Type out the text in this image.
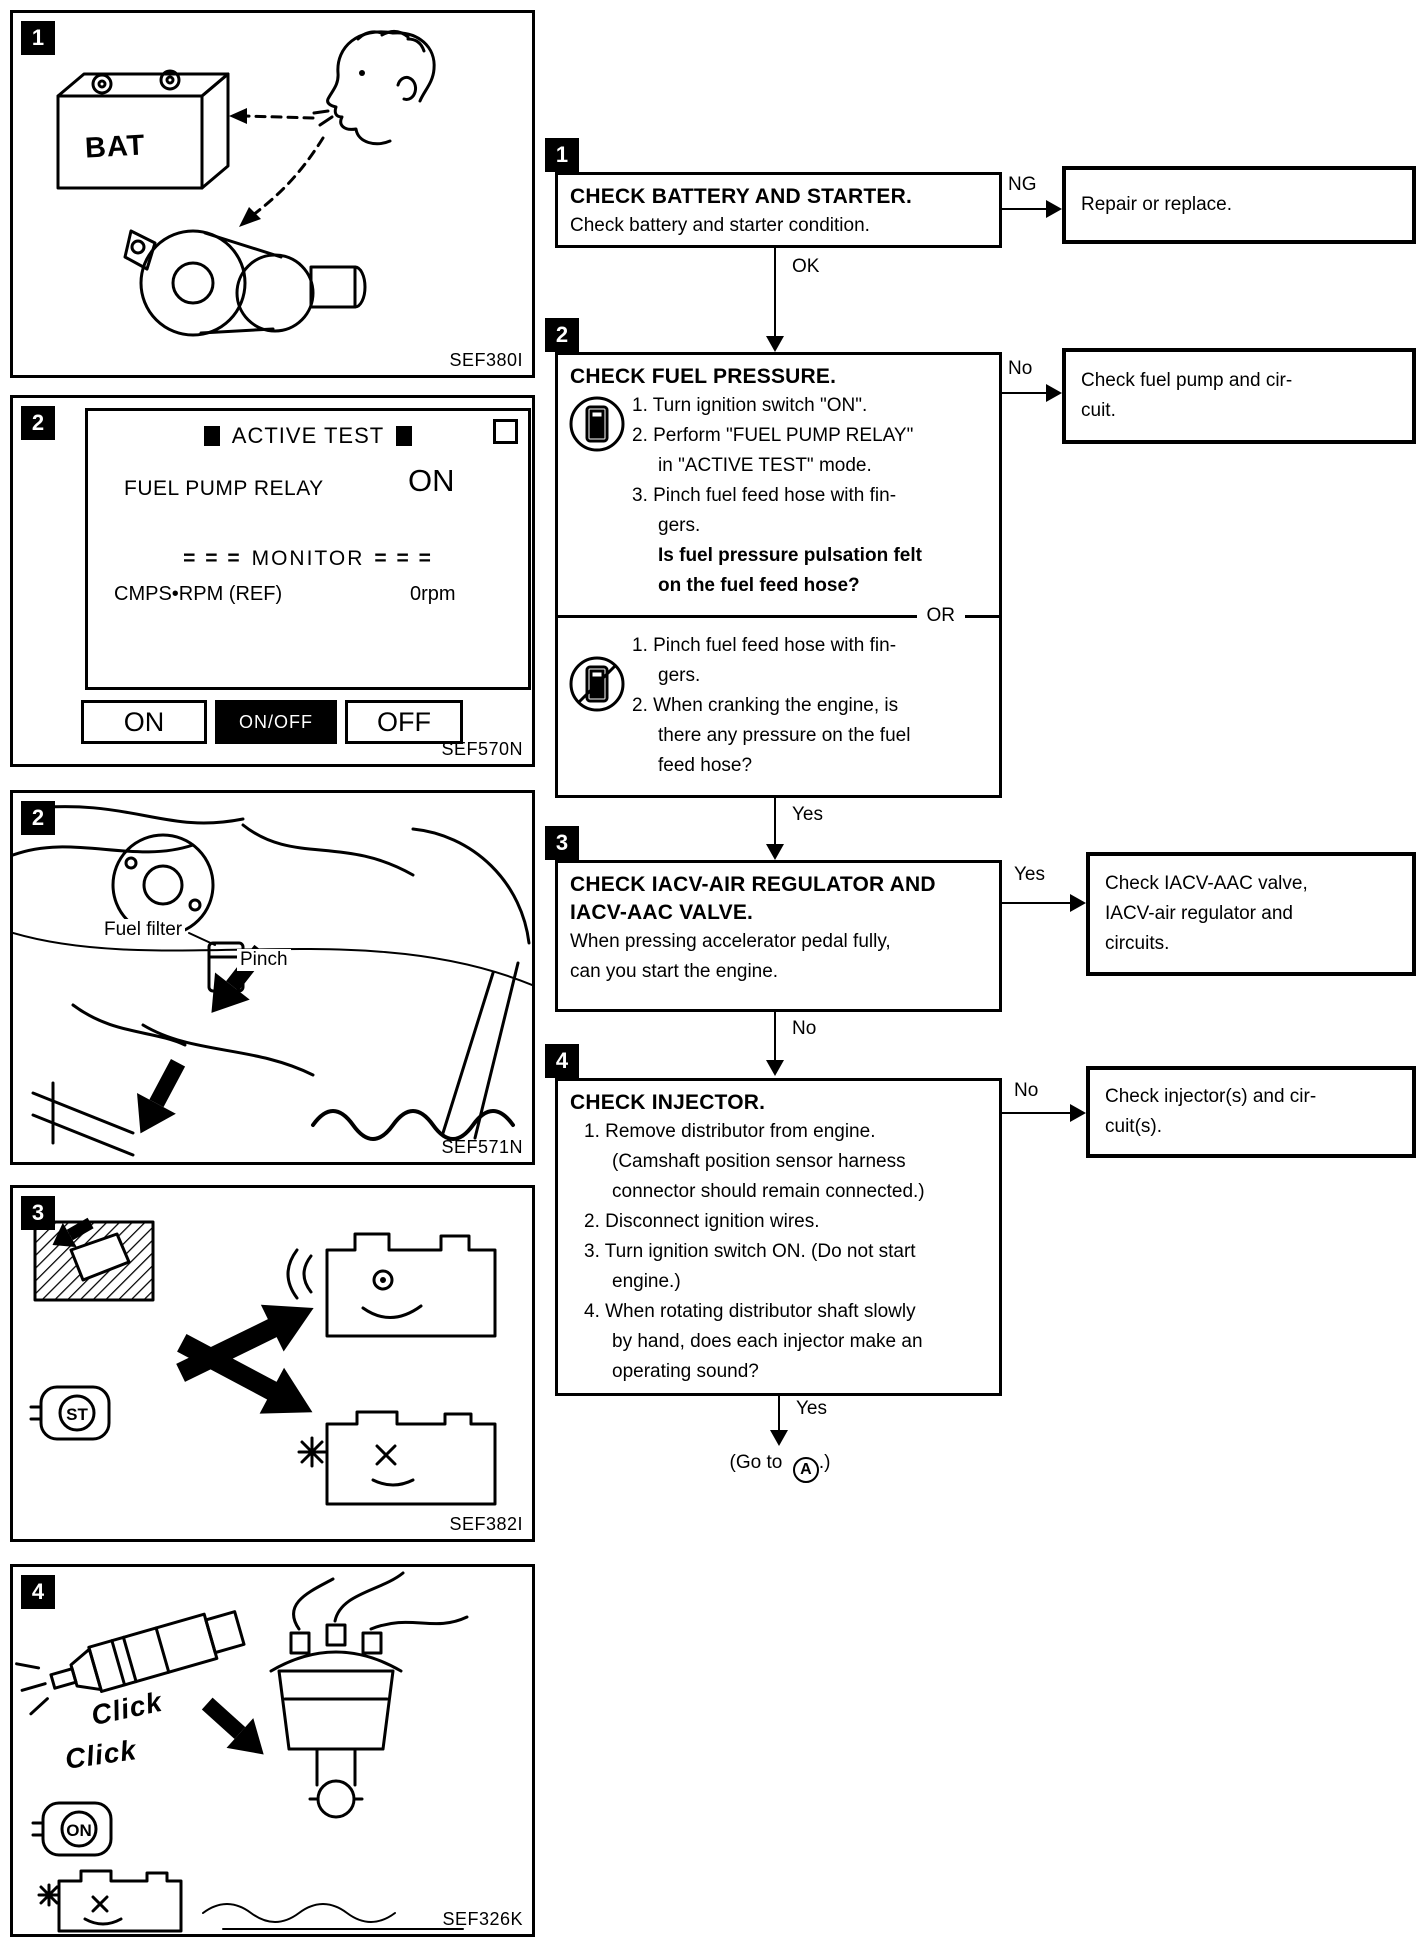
1
BAT
SEF380I
2
ACTIVE TEST
FUEL PUMP RELAY	ON
= = = MONITOR = = =
CMPS•RPM (REF)	0rpm
ON	ON/OFF	OFF
SEF570N
2
Fuel filter
Pinch
SEF571N
3
ST
SEF382I
4
Click
Click
ON
SEF326K
1
CHECK BATTERY AND STARTER.
Check battery and starter condition.
NG
Repair or replace.
OK
2
CHECK FUEL PRESSURE.
1. Turn ignition switch "ON".
2. Perform "FUEL PUMP RELAY"
in "ACTIVE TEST" mode.
3. Pinch fuel feed hose with fin-
gers.
Is fuel pressure pulsation felt
on the fuel feed hose?
OR
1. Pinch fuel feed hose with fin-
gers.
2. When cranking the engine, is
there any pressure on the fuel
feed hose?
No
Check fuel pump and cir-
cuit.
Yes
3
CHECK IACV-AIR REGULATOR AND
IACV-AAC VALVE.
When pressing accelerator pedal fully,
can you start the engine.
Yes	Check IACV-AAC valve,
IACV-air regulator and
circuits.
No
4
CHECK INJECTOR.
1. Remove distributor from engine.
(Camshaft position sensor harness
connector should remain connected.)
2. Disconnect ignition wires.
3. Turn ignition switch ON. (Do not start
engine.)
4. When rotating distributor shaft slowly
by hand, does each injector make an
operating sound?
No	Check injector(s) and cir-
cuit(s).
Yes
(Go to A .)
